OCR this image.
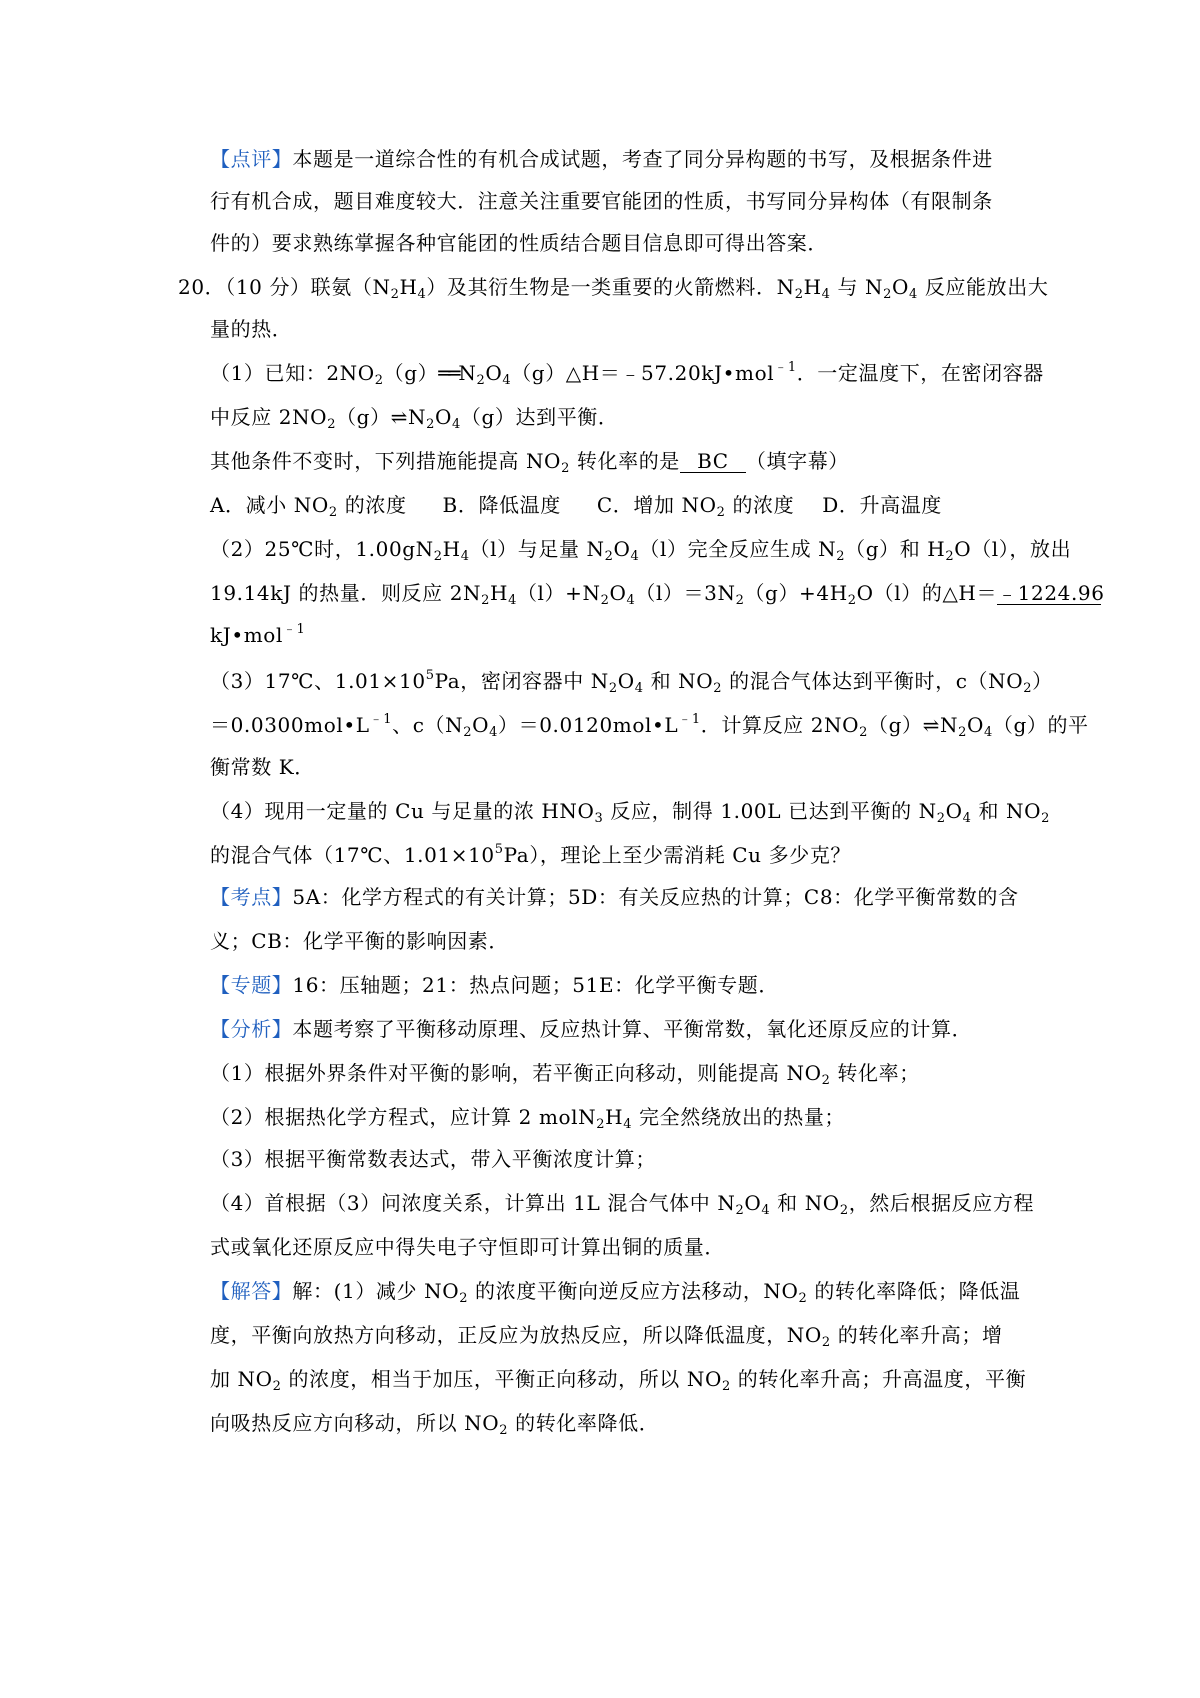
【点评】本题是一道综合性的有机合成试题，考查了同分异构题的书写，及根据条件进
行有机合成，题目难度较大．注意关注重要官能团的性质，书写同分异构体（有限制条
件的）要求熟练掌握各种官能团的性质结合题目信息即可得出答案．
20．（10 分）联氨$(N_2H_4)$及其衍生物是一类重要的火箭燃料．$N_2H_4$ 与 $N_2O_4$ 反应能放出大
量的热．
（1）已知：$2NO_2(g)══N_2O_4(g)\triangle H=﹣57.20kJ•mol^{﹣1}$．一定温度下，在密闭容器
中反应 $2NO_2(g)\rightleftharpoons N_2O_4(g)$达到平衡．
其他条件不变时，下列措施能提高 $NO_2$ 转化率的是 BC （填字幕）
A．减小 $NO_2$ 的浓度 B．降低温度 C．增加 $NO_2$ 的浓度 D．升高温度
（2）25℃时，$1.00gN_2H_4(l)$与足量 $N_2O_4(l)$完全反应生成 $N_2(g)$和 $H_2O(l)$，放出
19.14kJ 的热量．则反应 $2N_2H_4(l)+N_2O_4(l)=3N_2(g)+4H_2O(l)$的△H＝﹣1224.96
kJ•mol$^{﹣1}$
（3）17℃、$1.01\times 10^5Pa$，密闭容器中 $N_2O_4$ 和 $NO_2$ 的混合气体达到平衡时，$c(NO_2)$
$=0.0300mol•L^{﹣1}$、$c(N_2O_4)=0.0120mol•L^{﹣1}$．计算反应 $2NO_2(g)\rightleftharpoons N_2O_4(g)$的平
衡常数 K．
（4）现用一定量的 Cu 与足量的浓 $HNO_3$ 反应，制得 1.00L 已达到平衡的 $N_2O_4$ 和 $NO_2$
的混合气体（17℃、$1.01\times 10^5Pa$），理论上至少需消耗 Cu 多少克？
【考点】5A：化学方程式的有关计算；5D：有关反应热的计算；C8：化学平衡常数的含
义；CB：化学平衡的影响因素．
【专题】16：压轴题；21：热点问题；51E：化学平衡专题．
【分析】本题考察了平衡移动原理、反应热计算、平衡常数，氧化还原反应的计算．
（1）根据外界条件对平衡的影响，若平衡正向移动，则能提高 $NO_2$ 转化率；
（2）根据热化学方程式，应计算 2 $molN_2H_4$ 完全然绕放出的热量；
（3）根据平衡常数表达式，带入平衡浓度计算；
（4）首根据（3）问浓度关系，计算出 1L 混合气体中 $N_2O_4$ 和 $NO_2$，然后根据反应方程
式或氧化还原反应中得失电子守恒即可计算出铜的质量．
【解答】解：(1）减少 $NO_2$ 的浓度平衡向逆反应方法移动，$NO_2$ 的转化率降低；降低温
度，平衡向放热方向移动，正反应为放热反应，所以降低温度，$NO_2$ 的转化率升高；增
加 $NO_2$ 的浓度，相当于加压，平衡正向移动，所以 $NO_2$ 的转化率升高；升高温度，平衡
向吸热反应方向移动，所以 $NO_2$ 的转化率降低．
